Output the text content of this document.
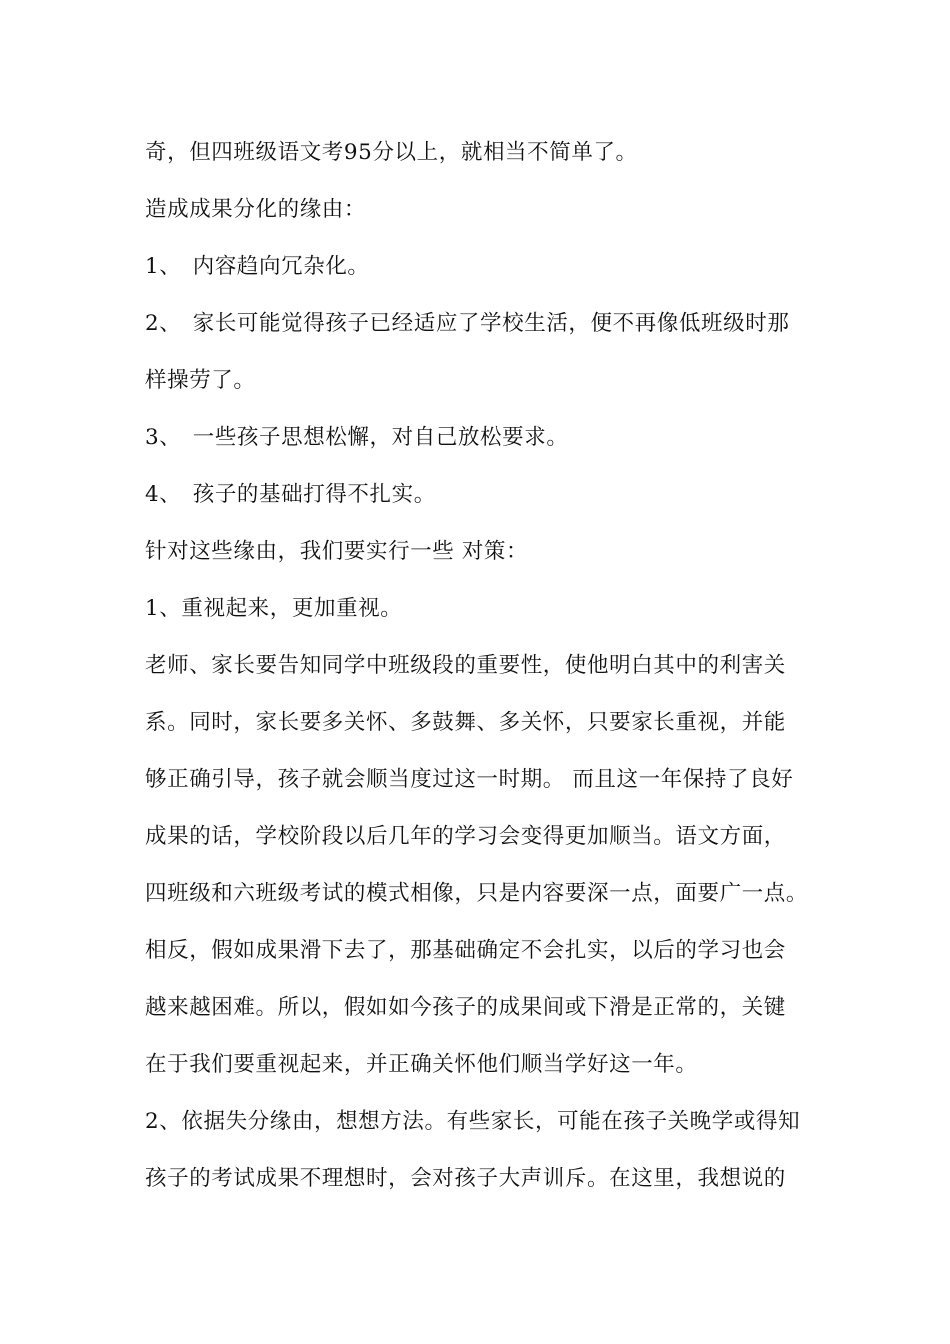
奇，但四班级语文考95分以上，就相当不简单了。
造成成果分化的缘由：
1、　内容趋向冗杂化。
2、　家长可能觉得孩子已经适应了学校生活，便不再像低班级时那
样操劳了。
3、　一些孩子思想松懈，对自己放松要求。
4、　孩子的基础打得不扎实。
针对这些缘由，我们要实行一些 对策：
1、重视起来，更加重视。
老师、家长要告知同学中班级段的重要性，使他明白其中的利害关
系。同时，家长要多关怀、多鼓舞、多关怀，只要家长重视，并能
够正确引导，孩子就会顺当度过这一时期。 而且这一年保持了良好
成果的话，学校阶段以后几年的学习会变得更加顺当。语文方面，
四班级和六班级考试的模式相像，只是内容要深一点，面要广一点。
相反，假如成果滑下去了，那基础确定不会扎实，以后的学习也会
越来越困难。所以，假如如今孩子的成果间或下滑是正常的，关键
在于我们要重视起来，并正确关怀他们顺当学好这一年。
2、依据失分缘由，想想方法。有些家长，可能在孩子关晚学或得知
孩子的考试成果不理想时，会对孩子大声训斥。在这里，我想说的
